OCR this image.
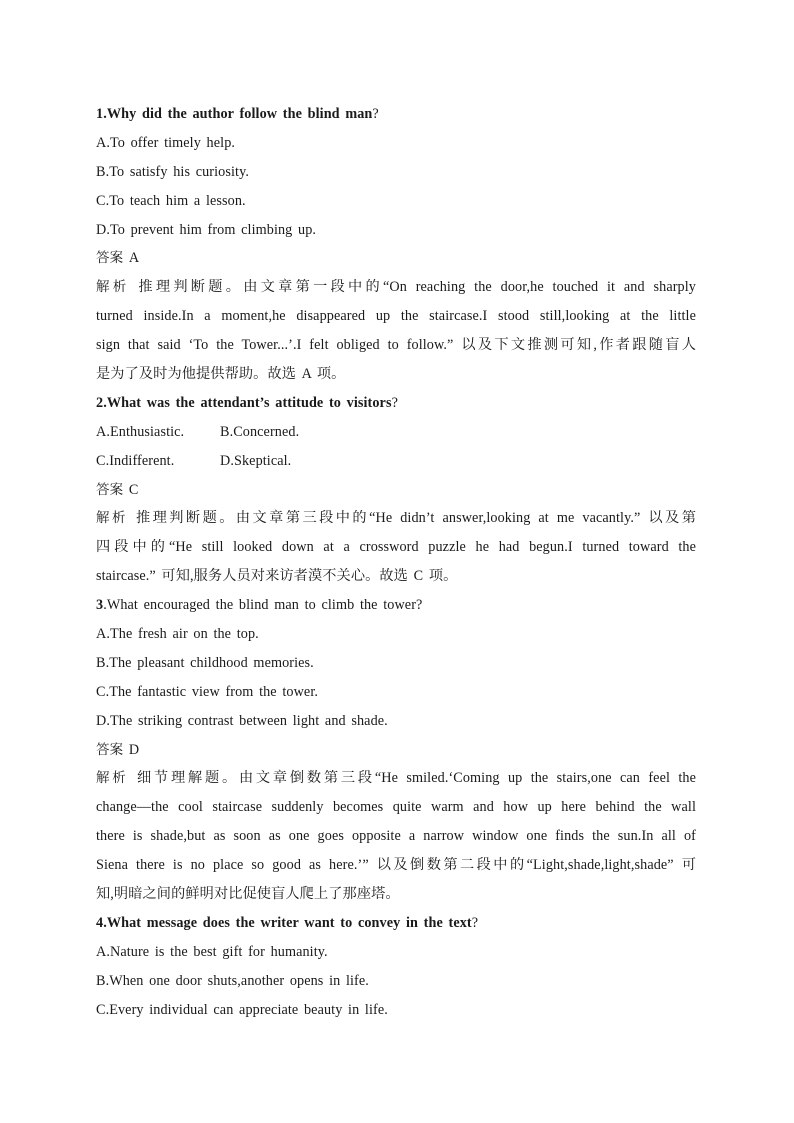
1.Why did the author follow the blind man?
A.To offer timely help.
B.To satisfy his curiosity.
C.To teach him a lesson.
D.To prevent him from climbing up.
答案 A
解析 推理判断题。由文章第一段中的“On reaching the door,he touched it and sharply
turned inside.In a moment,he disappeared up the staircase.I stood still,looking at the little
sign that said ‘To the Tower...’.I felt obliged to follow.” 以及下文推测可知,作者跟随盲人
是为了及时为他提供帮助。故选 A 项。
2.What was the attendant’s attitude to visitors?
A.Enthusiastic.	B.Concerned.
C.Indifferent.	D.Skeptical.
答案 C
解析 推理判断题。由文章第三段中的“He didn’t answer,looking at me vacantly.” 以及第
四段中的“He still looked down at a crossword puzzle he had begun.I turned toward the
staircase.” 可知,服务人员对来访者漠不关心。故选 C 项。
3.What encouraged the blind man to climb the tower?
A.The fresh air on the top.
B.The pleasant childhood memories.
C.The fantastic view from the tower.
D.The striking contrast between light and shade.
答案 D
解析 细节理解题。由文章倒数第三段“He smiled.‘Coming up the stairs,one can feel the
change—the cool staircase suddenly becomes quite warm and how up here behind the wall
there is shade,but as soon as one goes opposite a narrow window one finds the sun.In all of
Siena there is no place so good as here.’” 以及倒数第二段中的“Light,shade,light,shade” 可
知,明暗之间的鲜明对比促使盲人爬上了那座塔。
4.What message does the writer want to convey in the text?
A.Nature is the best gift for humanity.
B.When one door shuts,another opens in life.
C.Every individual can appreciate beauty in life.
